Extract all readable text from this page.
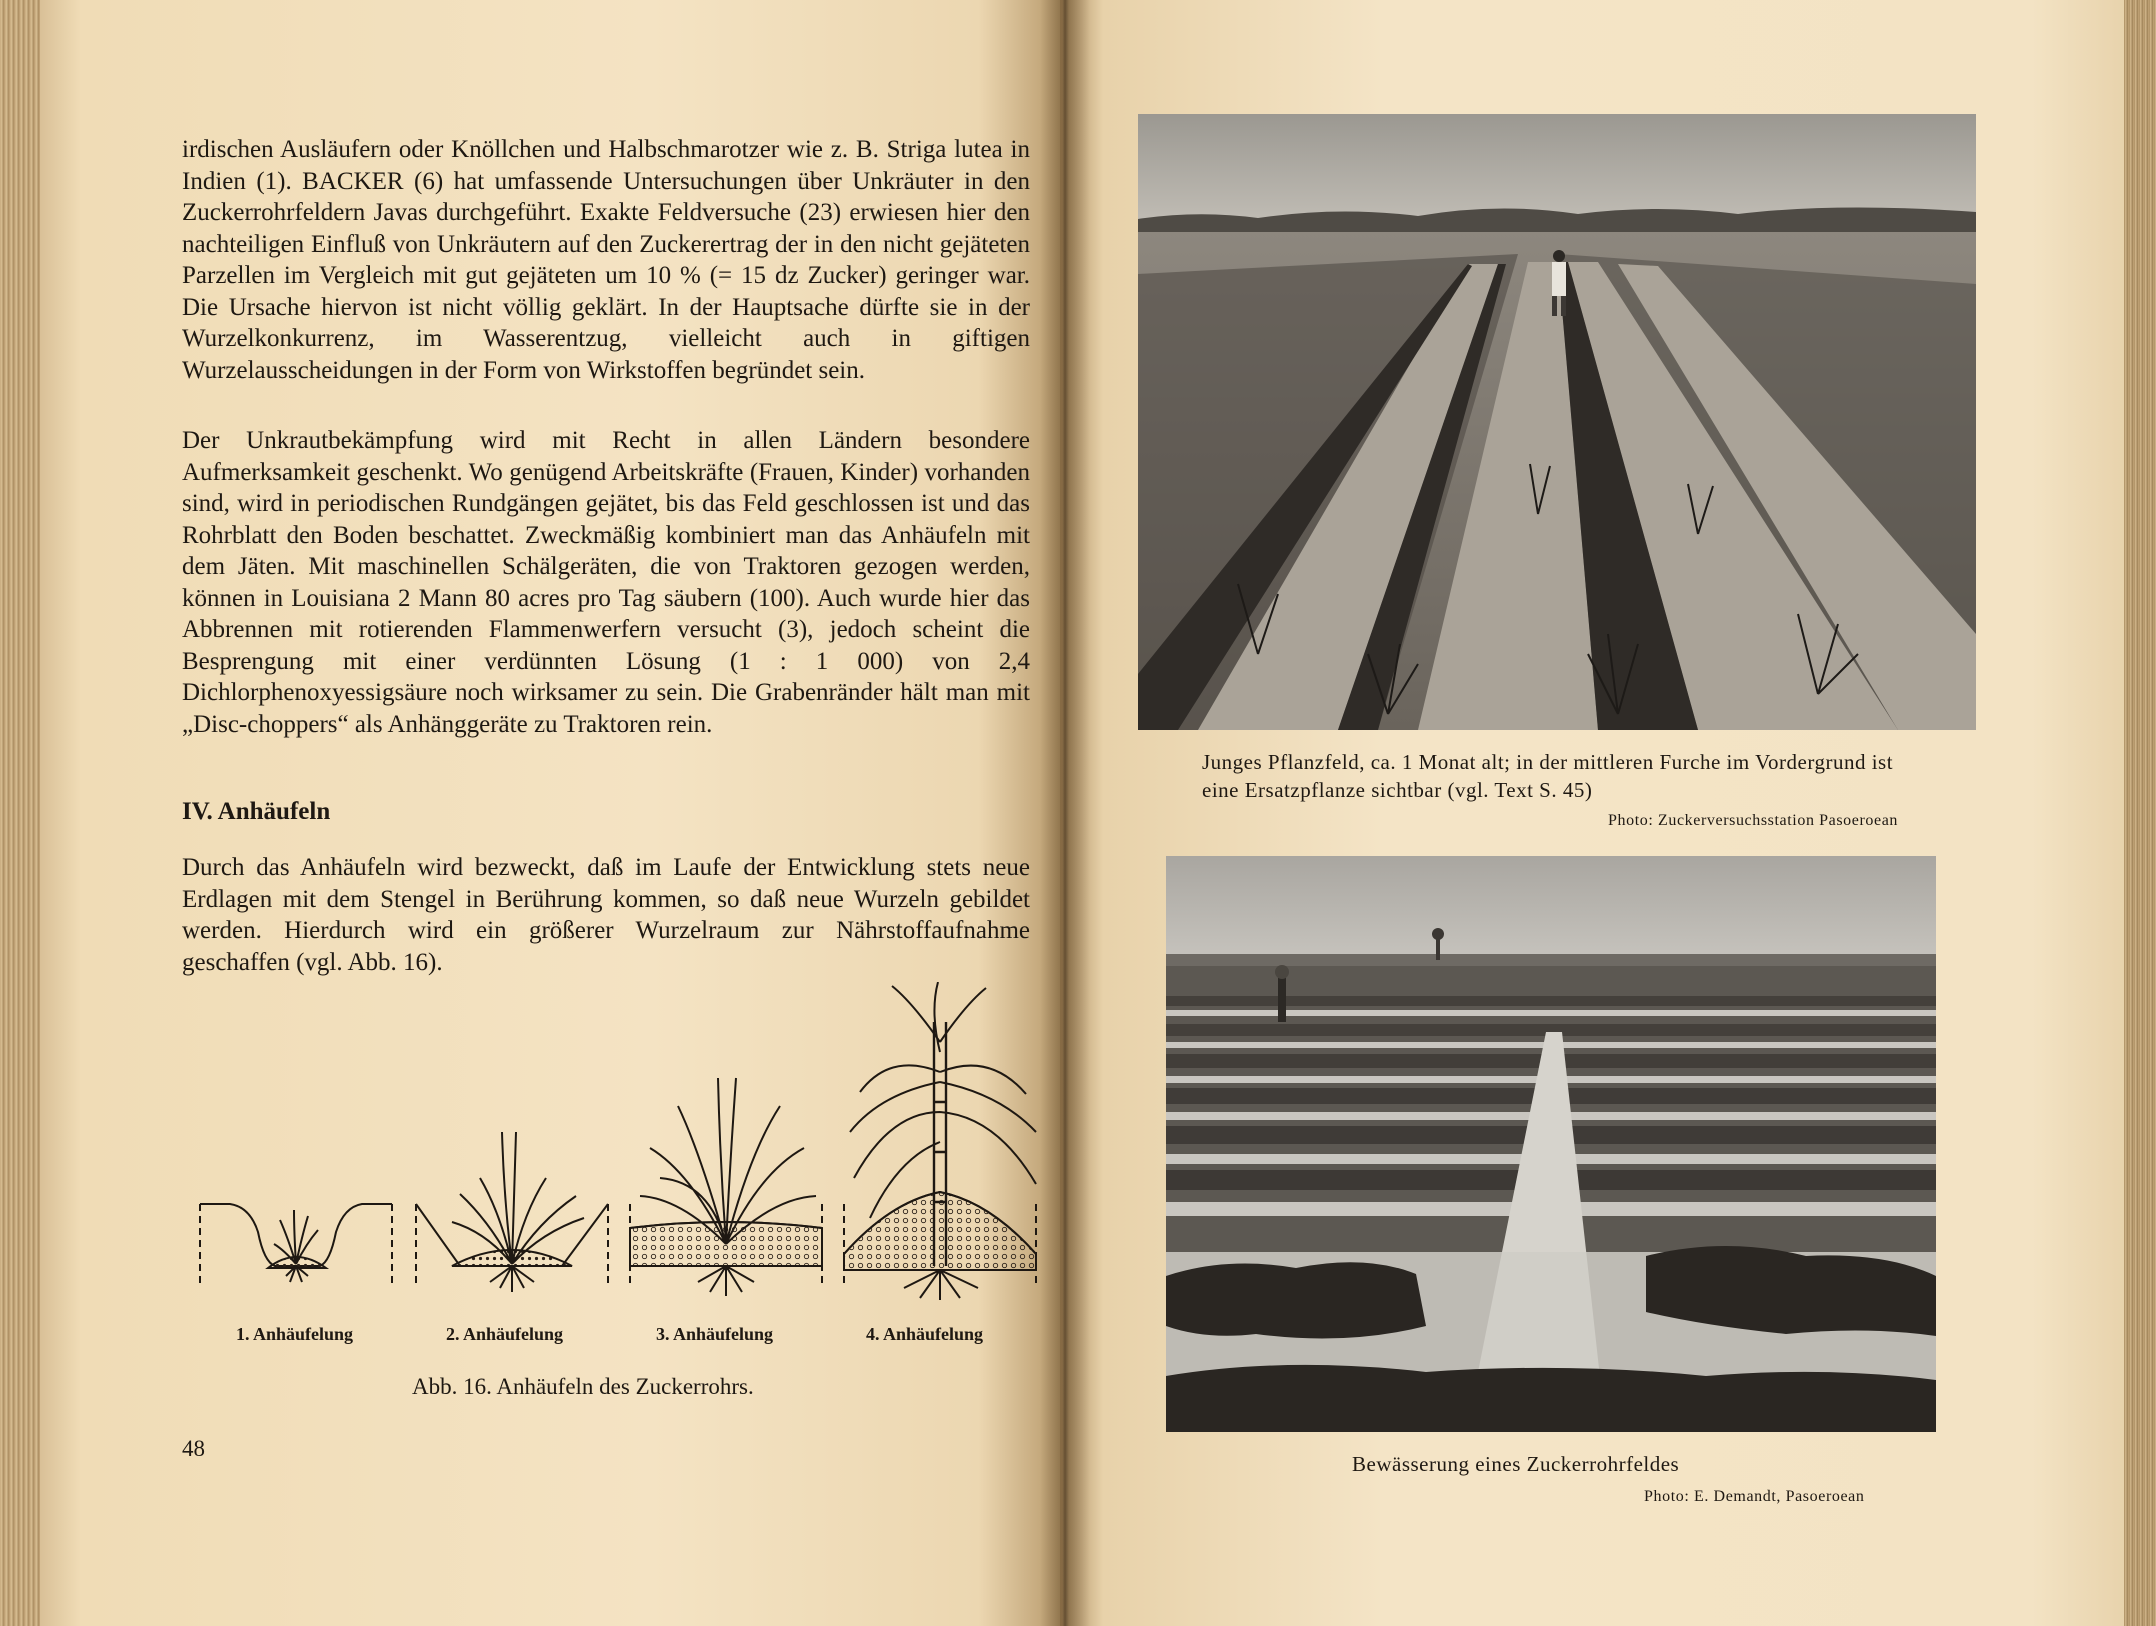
irdischen Ausläufern oder Knöllchen und Halbschmarotzer wie z. B. Striga lutea in Indien (1). BACKER (6) hat umfassende Untersuchungen über Unkräuter in den Zuckerrohrfeldern Javas durchgeführt. Exakte Feldversuche (23) erwiesen hier den nachteiligen Einfluß von Unkräutern auf den Zuckerertrag der in den nicht gejäteten Parzellen im Vergleich mit gut gejäteten um 10 % (= 15 dz Zucker) geringer war. Die Ursache hiervon ist nicht völlig geklärt. In der Hauptsache dürfte sie in der Wurzelkonkurrenz, im Wasserentzug, vielleicht auch in giftigen Wurzelausscheidungen in der Form von Wirkstoffen begründet sein.

Der Unkrautbekämpfung wird mit Recht in allen Ländern besondere Aufmerksamkeit geschenkt. Wo genügend Arbeitskräfte (Frauen, Kinder) vorhanden sind, wird in periodischen Rundgängen gejätet, bis das Feld geschlossen ist und das Rohrblatt den Boden beschattet. Zweckmäßig kombiniert man das Anhäufeln mit dem Jäten. Mit maschinellen Schälgeräten, die von Traktoren gezogen werden, können in Louisiana 2 Mann 80 acres pro Tag säubern (100). Auch wurde hier das Abbrennen mit rotierenden Flammenwerfern versucht (3), jedoch scheint die Besprengung mit einer verdünnten Lösung (1 : 1 000) von 2,4 Dichlorphenoxyessigsäure noch wirksamer zu sein. Die Grabenränder hält man mit „Disc-choppers“ als Anhänggeräte zu Traktoren rein.

IV. Anhäufeln

Durch das Anhäufeln wird bezweckt, daß im Laufe der Entwicklung stets neue Erdlagen mit dem Stengel in Berührung kommen, so daß neue Wurzeln gebildet werden. Hierdurch wird ein größerer Wurzelraum zur Nährstoffaufnahme geschaffen (vgl. Abb. 16).

1. Anhäufelung	2. Anhäufelung	3. Anhäufelung	4. Anhäufelung
Abb. 16. Anhäufeln des Zuckerrohrs.
48
Junges Pflanzfeld, ca. 1 Monat alt; in der mittleren Furche im Vordergrund ist eine Ersatzpflanze sichtbar (vgl. Text S. 45)
Photo: Zuckerversuchsstation Pasoeroean
Bewässerung eines Zuckerrohrfeldes
Photo: E. Demandt, Pasoeroean
